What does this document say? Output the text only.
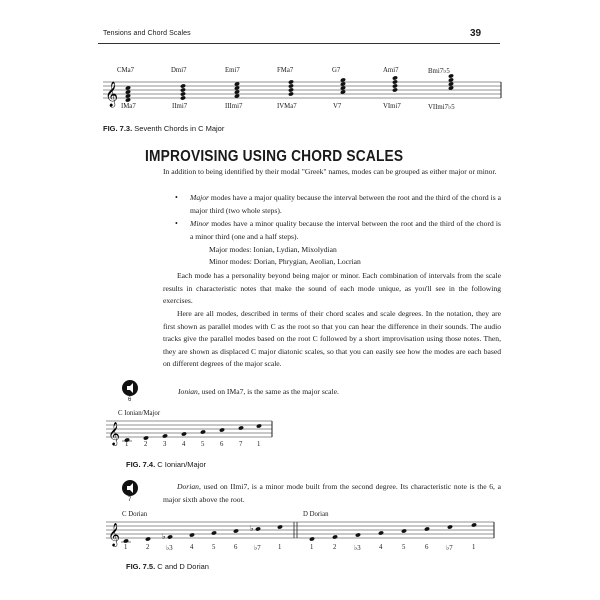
Tensions and Chord Scales	39
𝄞
CMa7	Dmi7	Emi7	FMa7	G7	Ami7	Bmi7♭5
IMa7	IImi7	IIImi7	IVMa7	V7	VImi7	VIImi7♭5
FIG. 7.3. Seventh Chords in C Major
IMPROVISING USING CHORD SCALES
In addition to being identified by their modal "Greek" names, modes can be grouped as either major or minor.
• Major modes have a major quality because the interval between the root and the third of the chord is a major third (two whole steps).
• Minor modes have a minor quality because the interval between the root and the third of the chord is a minor third (one and a half steps).
Major modes: Ionian, Lydian, Mixolydian
Minor modes: Dorian, Phrygian, Aeolian, Locrian
Each mode has a personality beyond being major or minor. Each combination of intervals from the scale results in characteristic notes that make the sound of each mode unique, as you'll see in the following exercises.
Here are all modes, described in terms of their chord scales and scale degrees. In the notation, they are first shown as parallel modes with C as the root so that you can hear the difference in their sounds. The audio tracks give the parallel modes based on the root C followed by a short improvisation using those notes. Then, they are shown as displaced C major diatonic scales, so that you can easily see how the modes are each based on different degrees of the major scale.
6
Ionian, used on IMa7, is the same as the major scale.
C Ionian/Major
𝄞 1 2 3 4 5 6 7 1
FIG. 7.4. C Ionian/Major
7
Dorian, used on IImi7, is a minor mode built from the second degree. Its characteristic note is the 6, a major sixth above the root.
C Dorian	D Dorian
𝄞	♭
♭
1	2 ♭3	4	5	6 ♭7	1	1	2	♭3	4	5	6	♭7	1
FIG. 7.5. C and D Dorian
